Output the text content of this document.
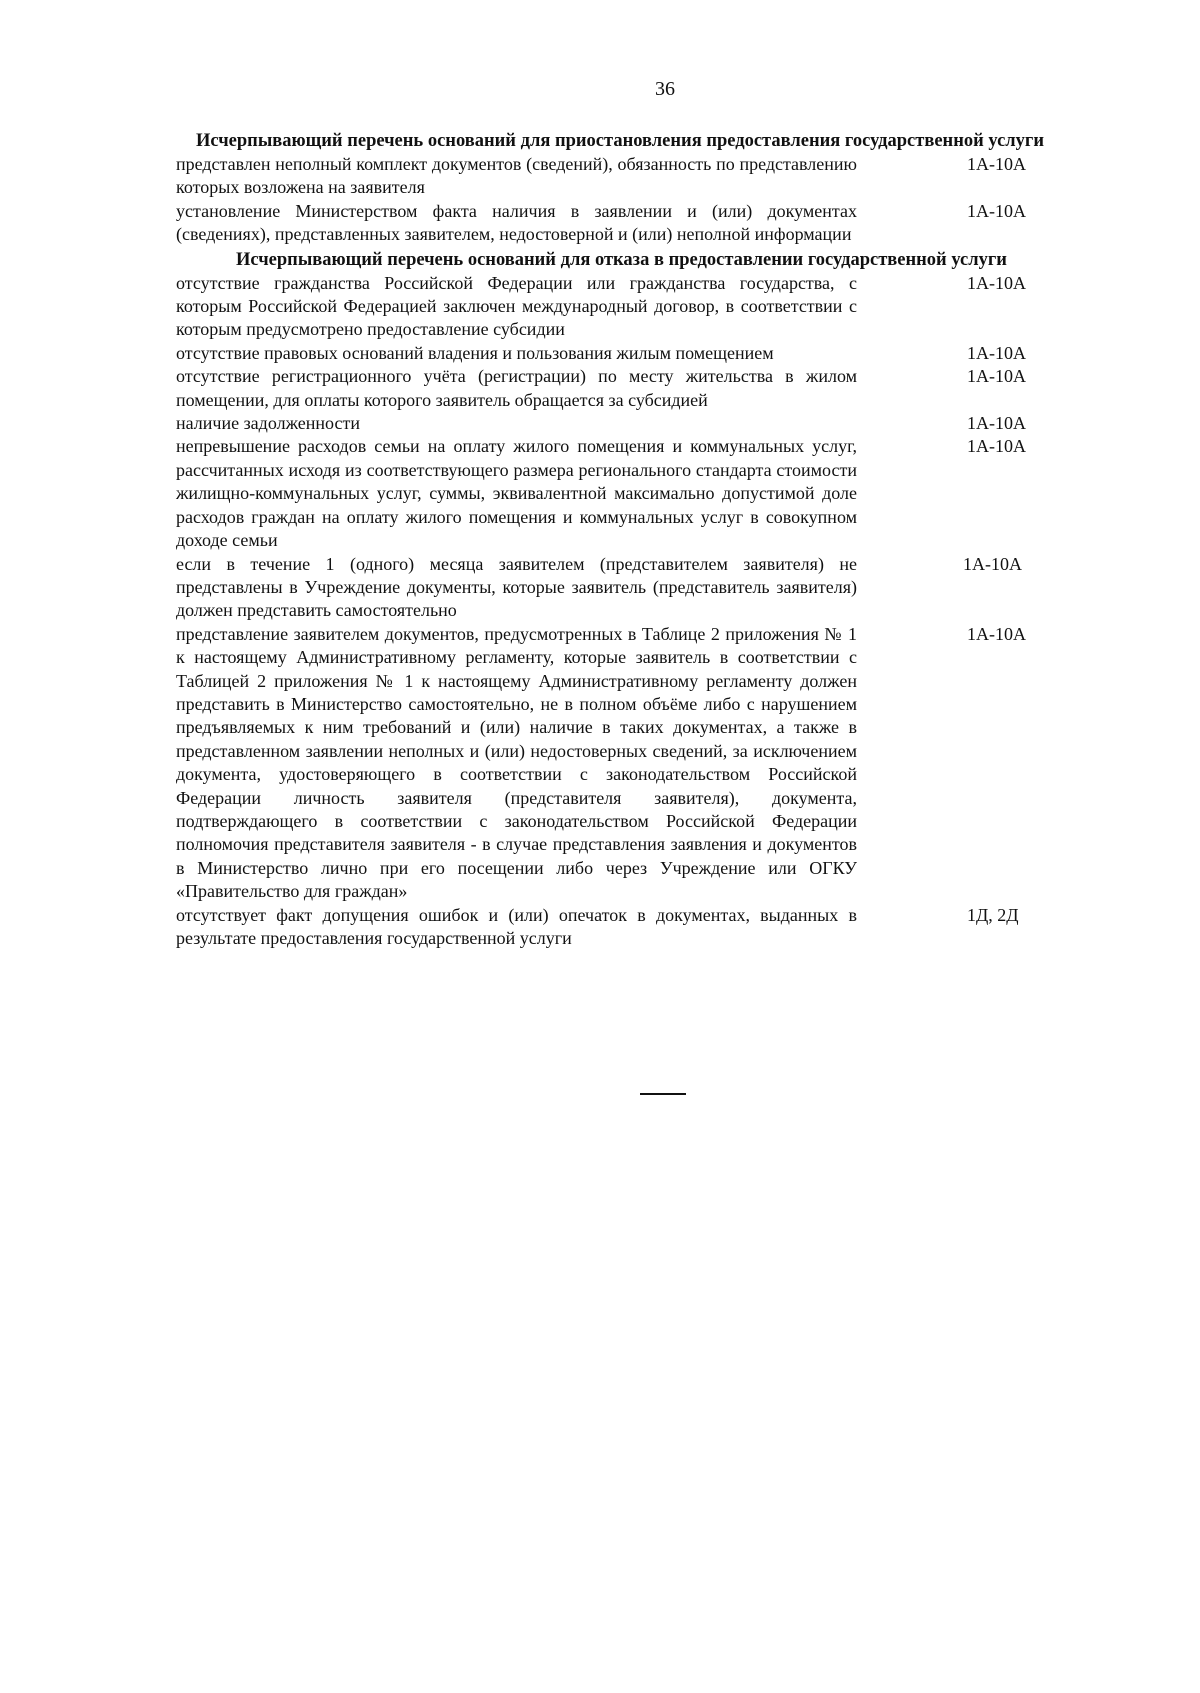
36

Исчерпывающий перечень оснований для приостановления предоставления государственной услуги

представлен неполный комплект документов (сведений), обязанность по представлению которых возложена на заявителя
1А-10А
установление Министерством факта наличия в заявлении и (или) документах (сведениях), представленных заявителем, недостоверной и (или) неполной информации
1А-10А

Исчерпывающий перечень оснований для отказа в предоставлении государственной услуги

отсутствие гражданства Российской Федерации или гражданства государства, с которым Российской Федерацией заключен международный договор, в соответствии с которым предусмотрено предоставление субсидии
1А-10А
отсутствие правовых оснований владения и пользования жилым помещением	1А-10А
отсутствие регистрационного учёта (регистрации) по месту жительства в жилом помещении, для оплаты которого заявитель обращается за субсидией
1А-10А
наличие задолженности	1А-10А
непревышение расходов семьи на оплату жилого помещения и коммунальных услуг, рассчитанных исходя из соответствующего размера регионального стандарта стоимости жилищно-коммунальных услуг, суммы, эквивалентной максимально допустимой доле расходов граждан на оплату жилого помещения и коммунальных услуг в совокупном доходе семьи
1А-10А
если в течение 1 (одного) месяца заявителем (представителем заявителя) не представлены в Учреждение документы, которые заявитель (представитель заявителя) должен представить самостоятельно
1А-10А
представление заявителем документов, предусмотренных в Таблице 2 приложения № 1 к настоящему Административному регламенту, которые заявитель в соответствии с Таблицей 2 приложения № 1 к настоящему Административному регламенту должен представить в Министерство самостоятельно, не в полном объёме либо с нарушением предъявляемых к ним требований и (или) наличие в таких документах, а также в представленном заявлении неполных и (или) недостоверных сведений, за исключением документа, удостоверяющего в соответствии с законодательством Российской Федерации личность заявителя (представителя заявителя), документа, подтверждающего в соответствии с законодательством Российской Федерации полномочия представителя заявителя - в случае представления заявления и документов в Министерство лично при его посещении либо через Учреждение или ОГКУ «Правительство для граждан»
1А-10А
отсутствует факт допущения ошибок и (или) опечаток в документах, выданных в результате предоставления государственной услуги
1Д, 2Д
